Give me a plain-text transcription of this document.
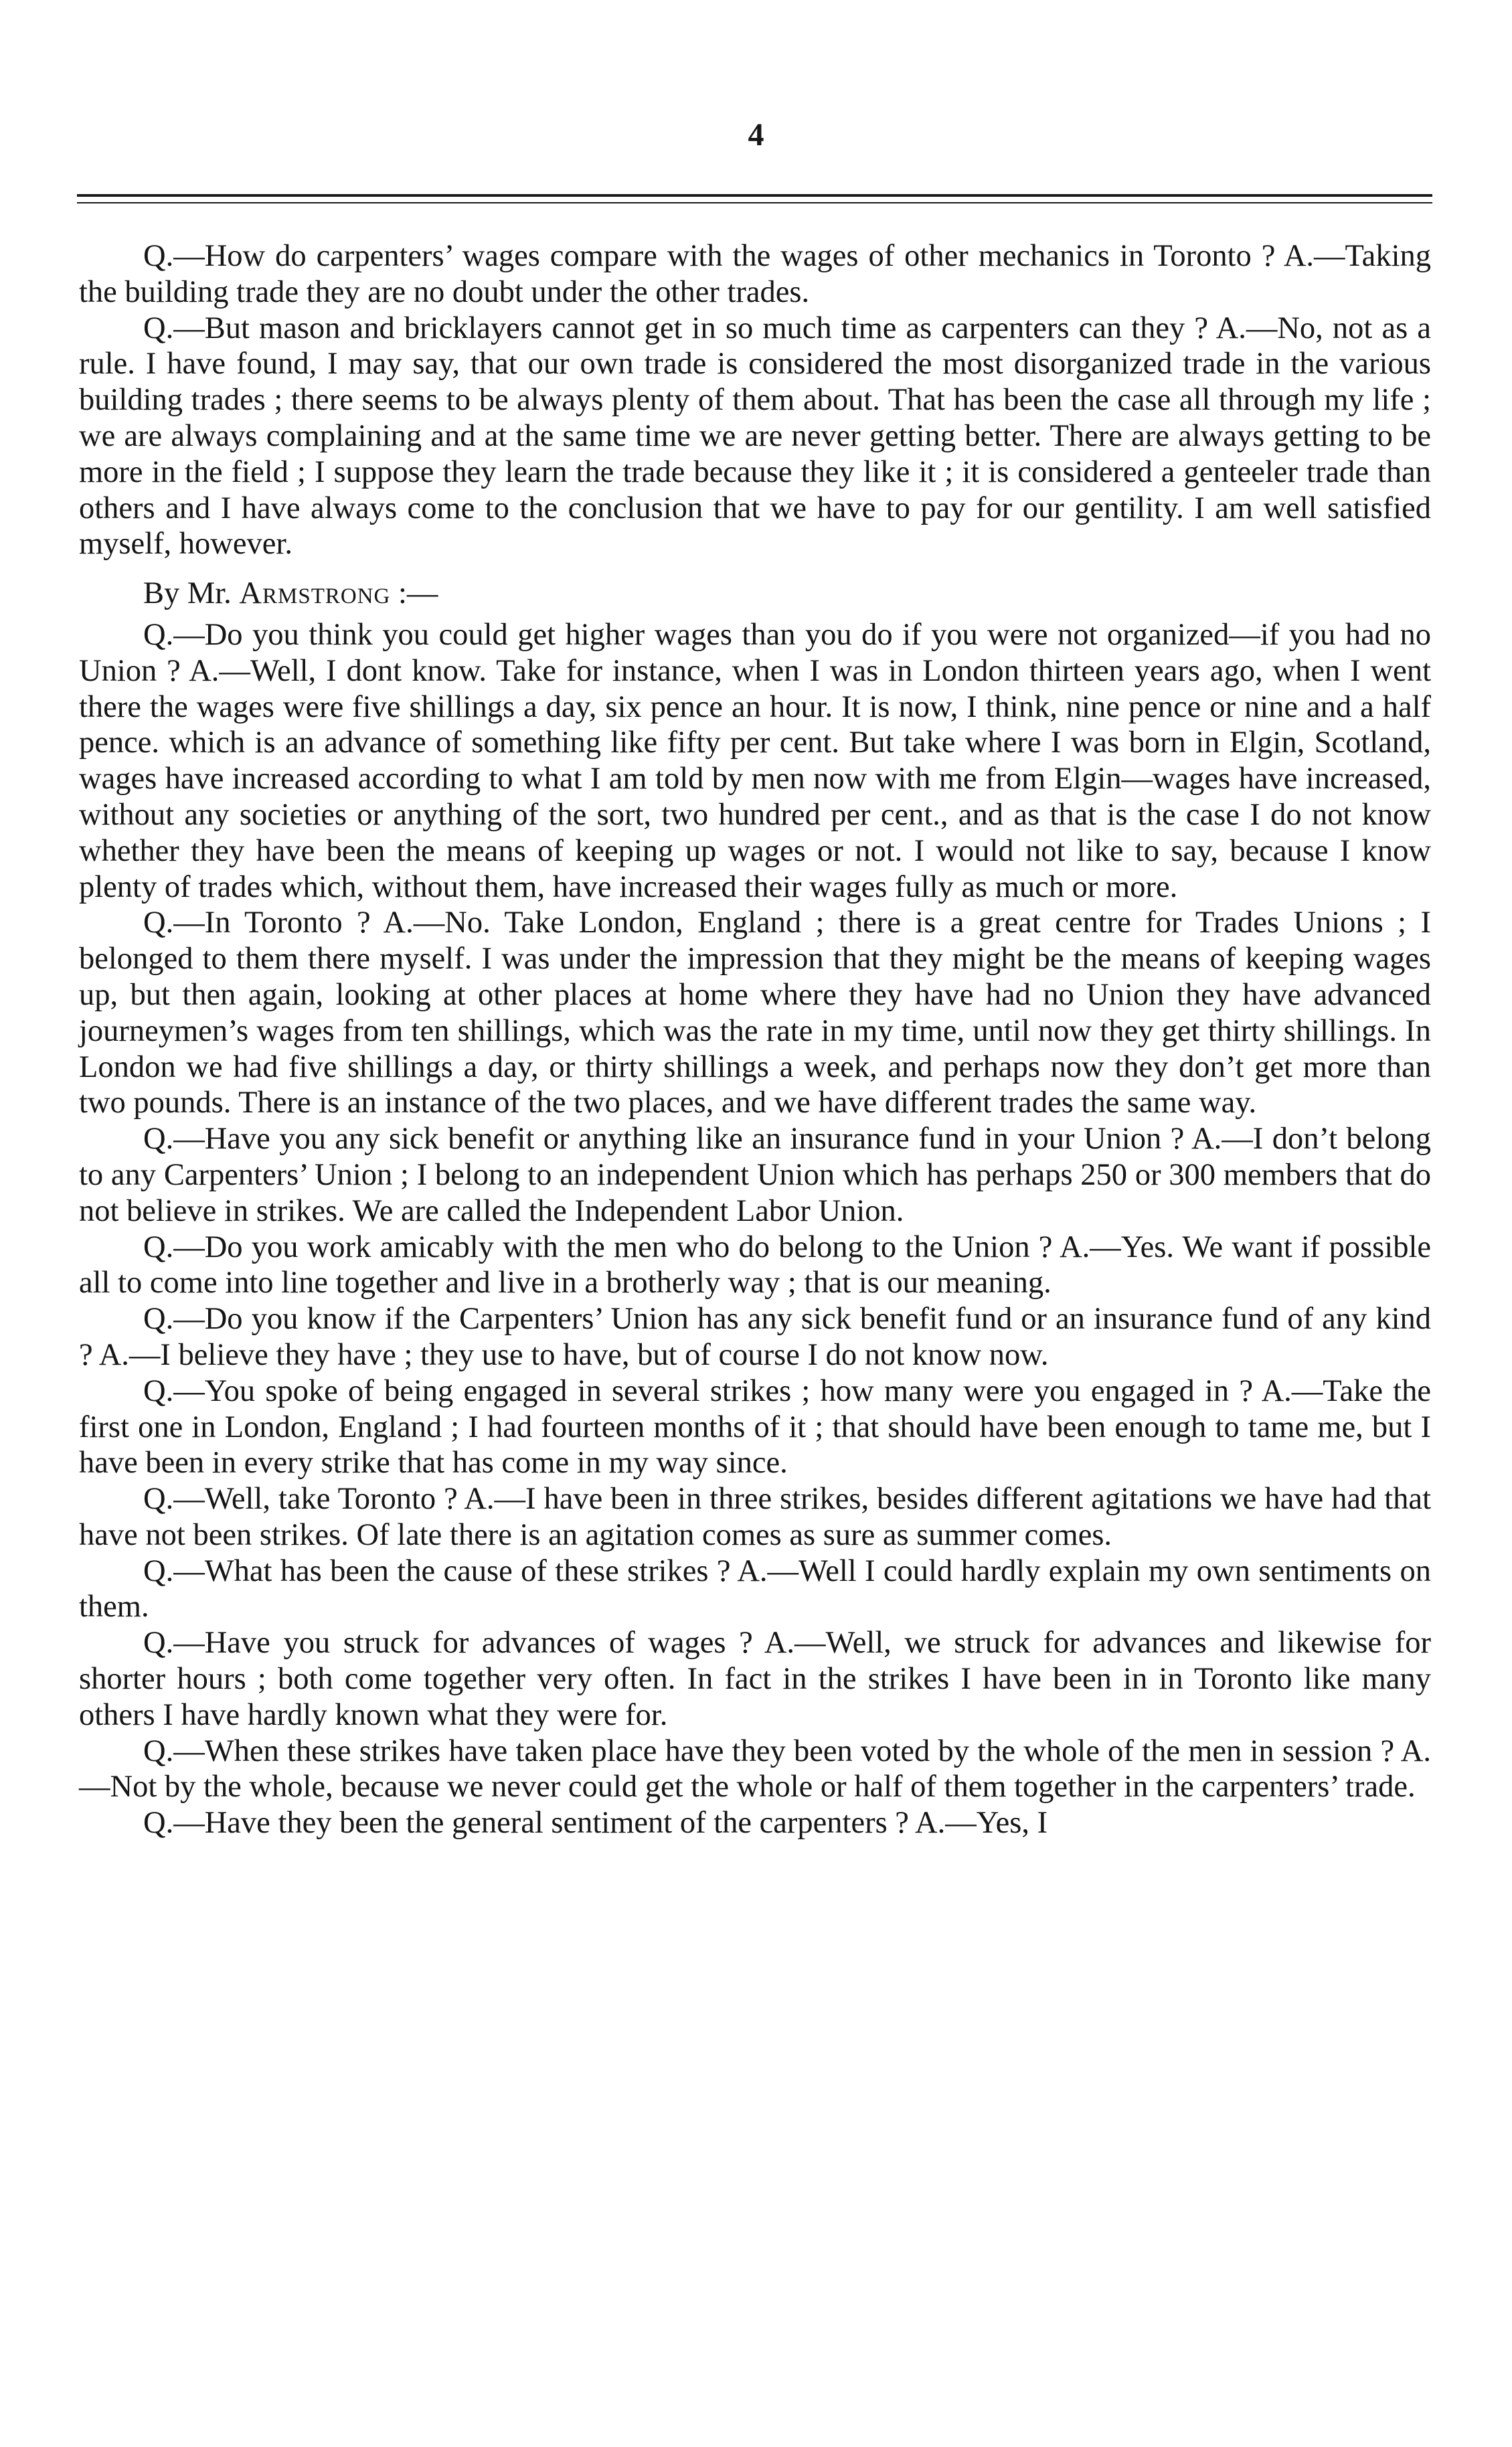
4

Q.—How do carpenters’ wages compare with the wages of other mechanics in Toronto ? A.—Taking the building trade they are no doubt under the other trades.

Q.—But mason and bricklayers cannot get in so much time as carpenters can they ? A.—No, not as a rule. I have found, I may say, that our own trade is considered the most disorganized trade in the various building trades ; there seems to be always plenty of them about. That has been the case all through my life ; we are always complaining and at the same time we are never getting better. There are always getting to be more in the field ; I suppose they learn the trade because they like it ; it is considered a genteeler trade than others and I have always come to the conclusion that we have to pay for our gentility. I am well satisfied myself, however.

By Mr. Armstrong :—

Q.—Do you think you could get higher wages than you do if you were not organized—if you had no Union ? A.—Well, I dont know. Take for instance, when I was in London thirteen years ago, when I went there the wages were five shillings a day, six pence an hour. It is now, I think, nine pence or nine and a half pence. which is an advance of something like fifty per cent. But take where I was born in Elgin, Scotland, wages have increased according to what I am told by men now with me from Elgin—wages have increased, without any societies or anything of the sort, two hundred per cent., and as that is the case I do not know whether they have been the means of keeping up wages or not. I would not like to say, because I know plenty of trades which, without them, have increased their wages fully as much or more.

Q.—In Toronto ? A.—No. Take London, England ; there is a great centre for Trades Unions ; I belonged to them there myself. I was under the impression that they might be the means of keeping wages up, but then again, looking at other places at home where they have had no Union they have advanced journeymen’s wages from ten shillings, which was the rate in my time, until now they get thirty shillings. In London we had five shillings a day, or thirty shillings a week, and perhaps now they don’t get more than two pounds. There is an instance of the two places, and we have different trades the same way.

Q.—Have you any sick benefit or anything like an insurance fund in your Union ? A.—I don’t belong to any Carpenters’ Union ; I belong to an independent Union which has perhaps 250 or 300 members that do not believe in strikes. We are called the Independent Labor Union.

Q.—Do you work amicably with the men who do belong to the Union ? A.—Yes. We want if possible all to come into line together and live in a brotherly way ; that is our meaning.

Q.—Do you know if the Carpenters’ Union has any sick benefit fund or an insurance fund of any kind ? A.—I believe they have ; they use to have, but of course I do not know now.

Q.—You spoke of being engaged in several strikes ; how many were you engaged in ? A.—Take the first one in London, England ; I had fourteen months of it ; that should have been enough to tame me, but I have been in every strike that has come in my way since.

Q.—Well, take Toronto ? A.—I have been in three strikes, besides different agitations we have had that have not been strikes. Of late there is an agitation comes as sure as summer comes.

Q.—What has been the cause of these strikes ? A.—Well I could hardly explain my own sentiments on them.

Q.—Have you struck for advances of wages ? A.—Well, we struck for advances and likewise for shorter hours ; both come together very often. In fact in the strikes I have been in in Toronto like many others I have hardly known what they were for.

Q.—When these strikes have taken place have they been voted by the whole of the men in session ? A.—Not by the whole, because we never could get the whole or half of them together in the carpenters’ trade.

Q.—Have they been the general sentiment of the carpenters ? A.—Yes, I
